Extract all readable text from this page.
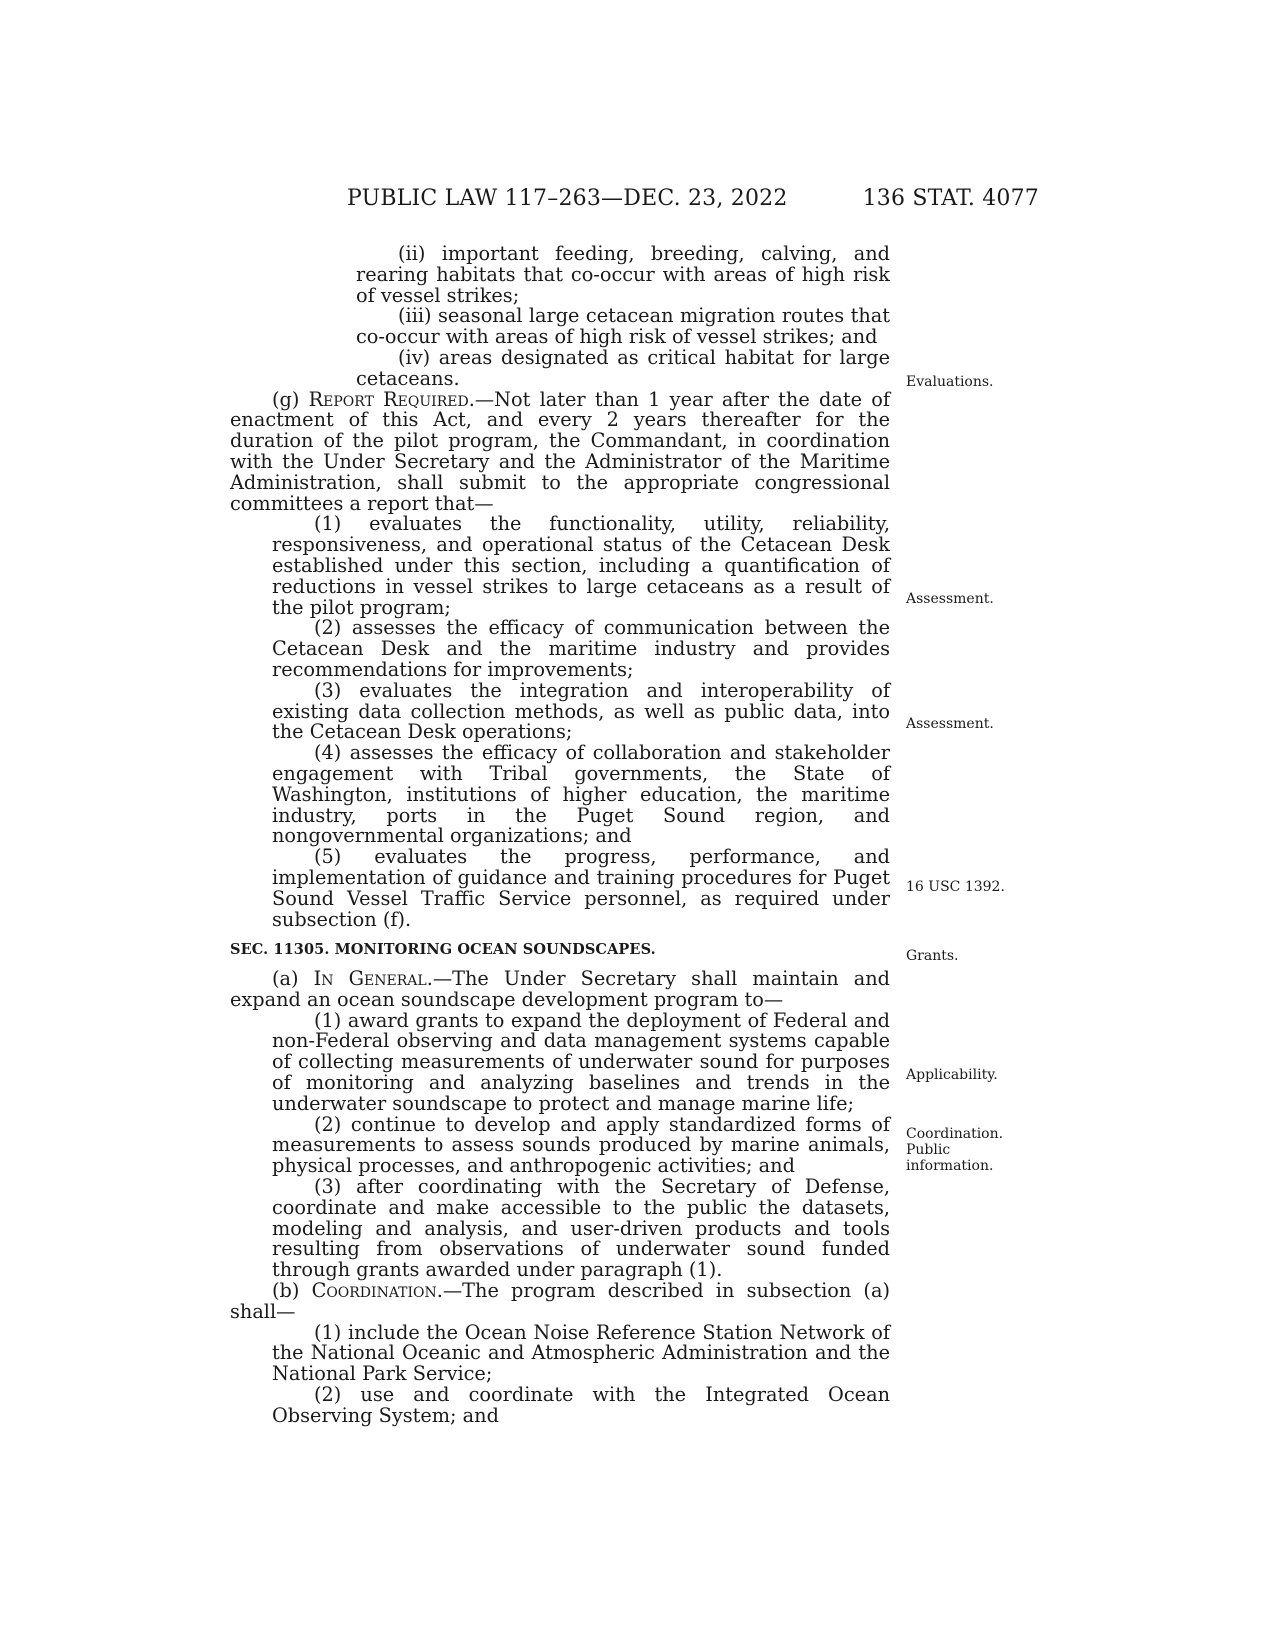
PUBLIC LAW 117–263—DEC. 23, 2022	136 STAT. 4077

(ii) important feeding, breeding, calving, and rearing habitats that co-occur with areas of high risk of vessel strikes;

(iii) seasonal large cetacean migration routes that co-occur with areas of high risk of vessel strikes; and

(iv) areas designated as critical habitat for large cetaceans.

(g) Report Required.—Not later than 1 year after the date of enactment of this Act, and every 2 years thereafter for the duration of the pilot program, the Commandant, in coordination with the Under Secretary and the Administrator of the Maritime Administration, shall submit to the appropriate congressional committees a report that—

(1) evaluates the functionality, utility, reliability, responsiveness, and operational status of the Cetacean Desk established under this section, including a quantification of reductions in vessel strikes to large cetaceans as a result of the pilot program;

(2) assesses the efficacy of communication between the Cetacean Desk and the maritime industry and provides recommendations for improvements;

(3) evaluates the integration and interoperability of existing data collection methods, as well as public data, into the Cetacean Desk operations;

(4) assesses the efficacy of collaboration and stakeholder engagement with Tribal governments, the State of Washington, institutions of higher education, the maritime industry, ports in the Puget Sound region, and nongovernmental organizations; and

(5) evaluates the progress, performance, and implementation of guidance and training procedures for Puget Sound Vessel Traffic Service personnel, as required under subsection (f).

SEC. 11305. MONITORING OCEAN SOUNDSCAPES.

(a) In General.—The Under Secretary shall maintain and expand an ocean soundscape development program to—

(1) award grants to expand the deployment of Federal and non-Federal observing and data management systems capable of collecting measurements of underwater sound for purposes of monitoring and analyzing baselines and trends in the underwater soundscape to protect and manage marine life;

(2) continue to develop and apply standardized forms of measurements to assess sounds produced by marine animals, physical processes, and anthropogenic activities; and

(3) after coordinating with the Secretary of Defense, coordinate and make accessible to the public the datasets, modeling and analysis, and user-driven products and tools resulting from observations of underwater sound funded through grants awarded under paragraph (1).

(b) Coordination.—The program described in subsection (a) shall—

(1) include the Ocean Noise Reference Station Network of the National Oceanic and Atmospheric Administration and the National Park Service;

(2) use and coordinate with the Integrated Ocean Observing System; and

Evaluations.
Assessment.
Assessment.
16 USC 1392.
Grants.
Applicability.
Coordination.
Public
information.
